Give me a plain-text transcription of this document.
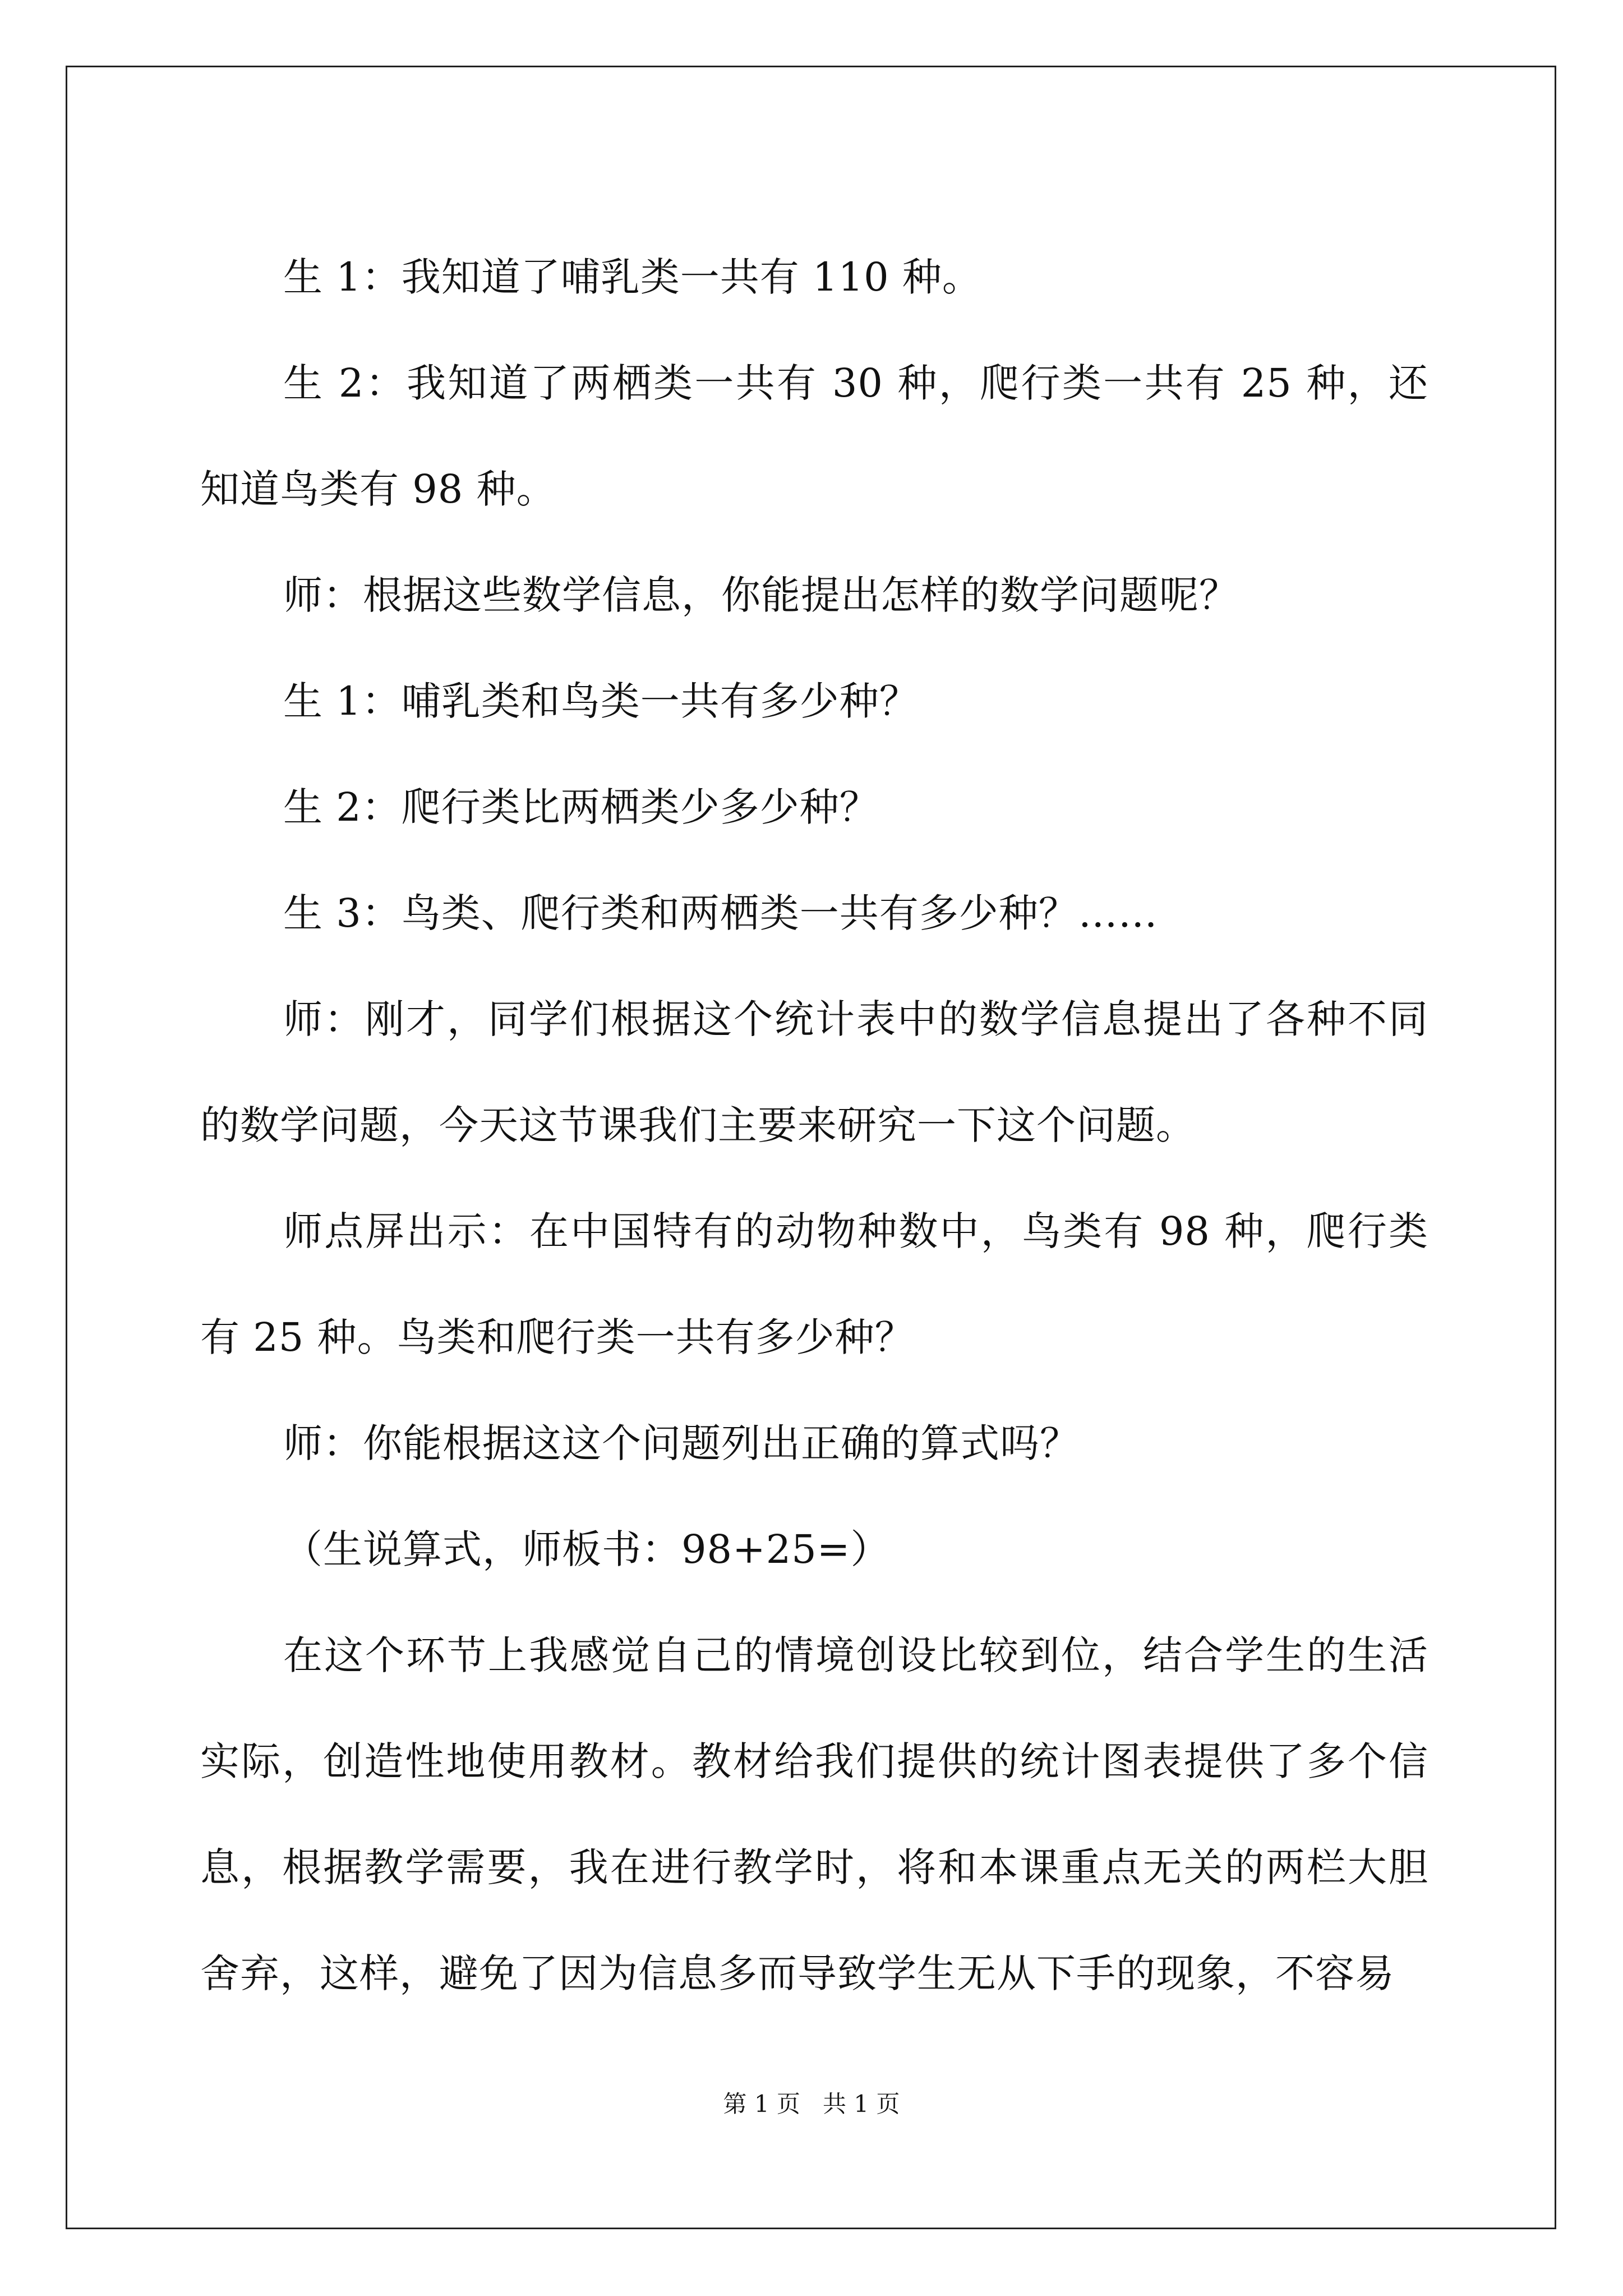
生 1：我知道了哺乳类一共有 110 种。

生 2：我知道了两栖类一共有 30 种，爬行类一共有 25 种，还知道鸟类有 98 种。

师：根据这些数学信息，你能提出怎样的数学问题呢？

生 1：哺乳类和鸟类一共有多少种？

生 2：爬行类比两栖类少多少种？

生 3：鸟类、爬行类和两栖类一共有多少种？……

师：刚才，同学们根据这个统计表中的数学信息提出了各种不同的数学问题，今天这节课我们主要来研究一下这个问题。

师点屏出示：在中国特有的动物种数中，鸟类有 98 种，爬行类有 25 种。鸟类和爬行类一共有多少种？

师：你能根据这这个问题列出正确的算式吗？

（生说算式，师板书：98+25=）

在这个环节上我感觉自己的情境创设比较到位，结合学生的生活实际，创造性地使用教材。教材给我们提供的统计图表提供了多个信息，根据教学需要，我在进行教学时，将和本课重点无关的两栏大胆舍弃，这样，避免了因为信息多而导致学生无从下手的现象，不容易

第 1 页   共 1 页
